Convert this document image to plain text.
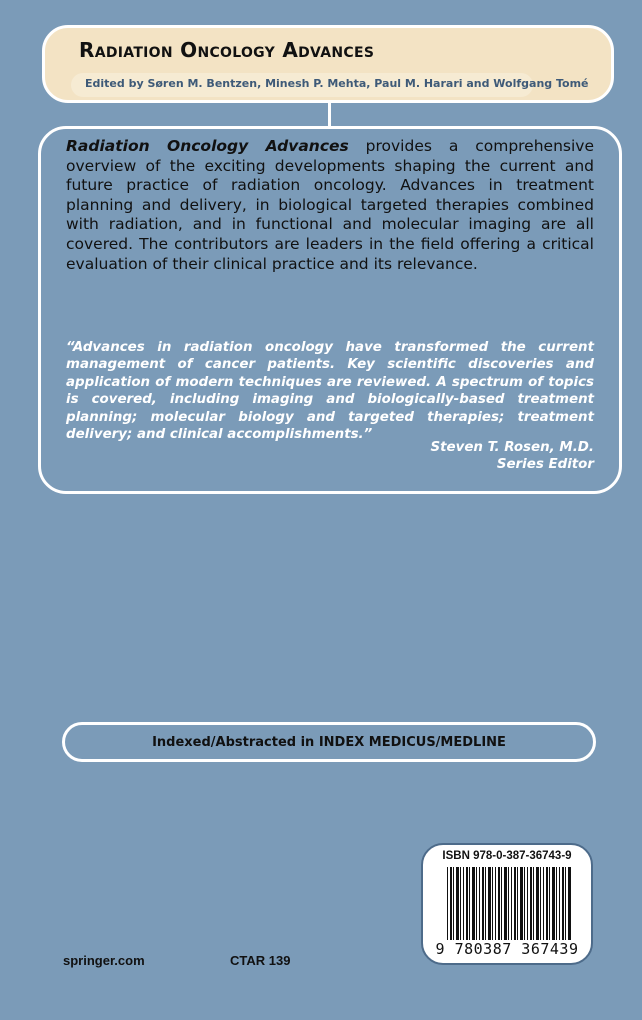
Radiation Oncology Advances
Edited by Søren M. Bentzen, Minesh P. Mehta, Paul M. Harari and Wolfgang Tomé
Radiation Oncology Advances provides a comprehensive overview of the exciting developments shaping the current and future practice of radiation oncology. Advances in treatment planning and delivery, in biological targeted therapies combined with radiation, and in functional and molecular imaging are all covered. The contributors are leaders in the field offering a critical evaluation of their clinical practice and its relevance.
“Advances in radiation oncology have transformed the current management of cancer patients. Key scientific discoveries and application of modern techniques are reviewed. A spectrum of topics is covered, including imaging and biologically-based treatment planning; molecular biology and targeted therapies; treatment delivery; and clinical accomplishments.”
Steven T. Rosen, M.D.
Series Editor
Indexed/Abstracted in INDEX MEDICUS/MEDLINE
ISBN 978-0-387-36743-9
9 780387 367439
springer.com	CTAR 139
